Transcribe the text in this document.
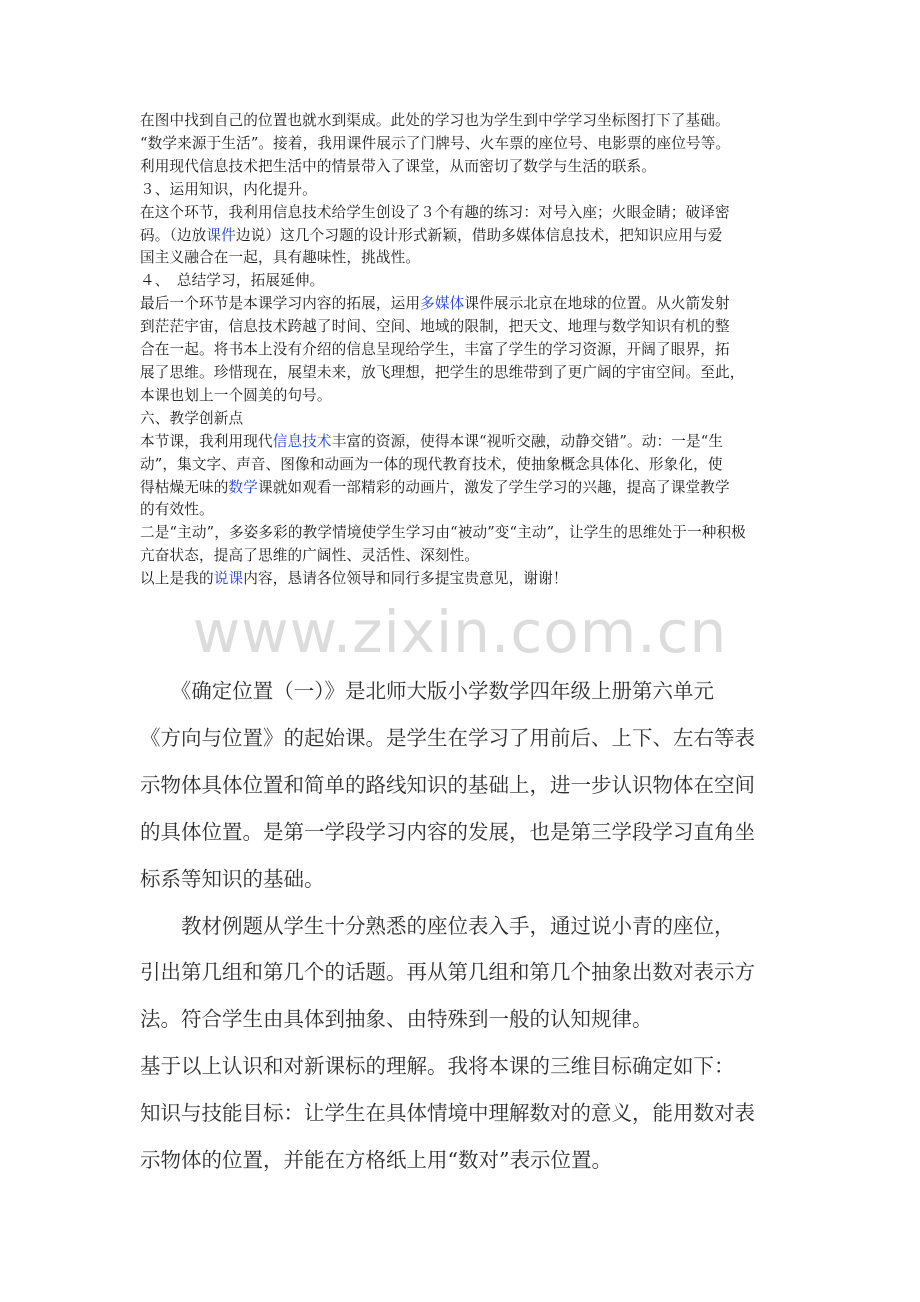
在图中找到自己的位置也就水到渠成。此处的学习也为学生到中学学习坐标图打下了基础。

“数学来源于生活”。接着，我用课件展示了门牌号、火车票的座位号、电影票的座位号等。

利用现代信息技术把生活中的情景带入了课堂，从而密切了数学与生活的联系。

３、运用知识，内化提升。

在这个环节，我利用信息技术给学生创设了３个有趣的练习：对号入座；火眼金睛；破译密

码。（边放课件边说）这几个习题的设计形式新颖，借助多媒体信息技术，把知识应用与爱

国主义融合在一起，具有趣味性，挑战性。

４、　总结学习，拓展延伸。

最后一个环节是本课学习内容的拓展，运用多媒体课件展示北京在地球的位置。从火箭发射

到茫茫宇宙，信息技术跨越了时间、空间、地域的限制，把天文、地理与数学知识有机的整

合在一起。将书本上没有介绍的信息呈现给学生，丰富了学生的学习资源，开阔了眼界，拓

展了思维。珍惜现在，展望未来，放飞理想，把学生的思维带到了更广阔的宇宙空间。至此，

本课也划上一个圆美的句号。

六、教学创新点

本节课，我利用现代信息技术丰富的资源，使得本课“视听交融，动静交错”。动：一是“生

动”，集文字、声音、图像和动画为一体的现代教育技术，使抽象概念具体化、形象化，使

得枯燥无味的数学课就如观看一部精彩的动画片，激发了学生学习的兴趣，提高了课堂教学

的有效性。

二是“主动”，多姿多彩的教学情境使学生学习由“被动”变“主动”，让学生的思维处于一种积极

亢奋状态，提高了思维的广阔性、灵活性、深刻性。

以上是我的说课内容，恳请各位领导和同行多提宝贵意见，谢谢！

www.zixin.com.cn

　　《确定位置（一）》是北师大版小学数学四年级上册第六单元

《方向与位置》的起始课。是学生在学习了用前后、上下、左右等表

示物体具体位置和简单的路线知识的基础上，进一步认识物体在空间

的具体位置。是第一学段学习内容的发展，也是第三学段学习直角坐

标系等知识的基础。

　　教材例题从学生十分熟悉的座位表入手，通过说小青的座位，

引出第几组和第几个的话题。再从第几组和第几个抽象出数对表示方

法。符合学生由具体到抽象、由特殊到一般的认知规律。

基于以上认识和对新课标的理解。我将本课的三维目标确定如下：

知识与技能目标：让学生在具体情境中理解数对的意义，能用数对表

示物体的位置，并能在方格纸上用“数对”表示位置。
